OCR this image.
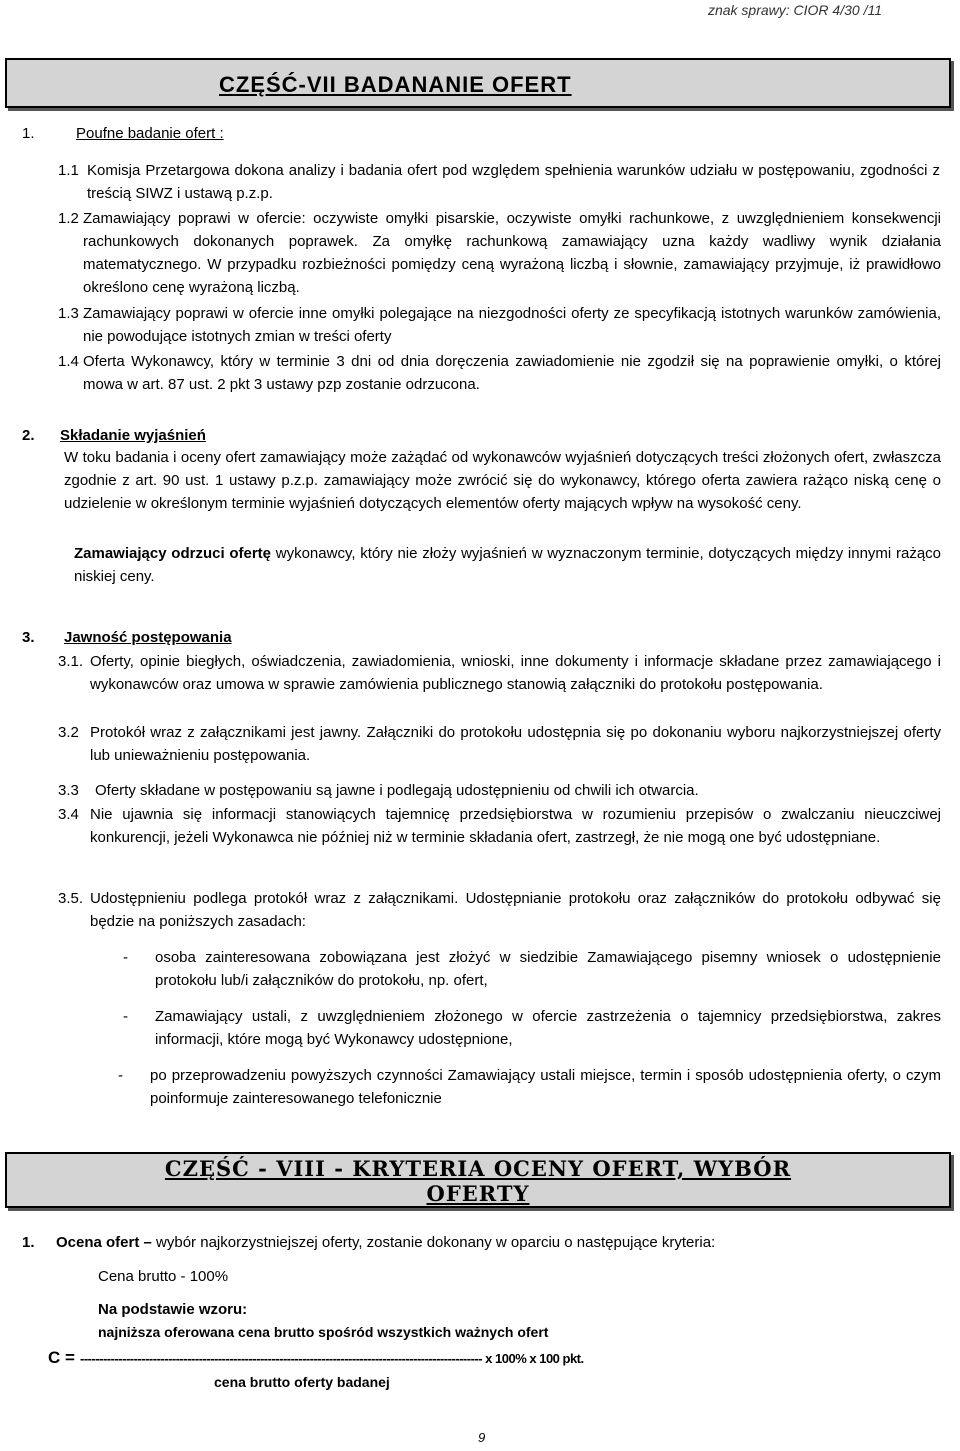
znak sprawy: CIOR 4/30 /11
CZĘŚĆ-VII BADANANIE OFERT
1.	Poufne badanie ofert :
1.1 Komisja Przetargowa dokona analizy i badania ofert pod względem spełnienia warunków udziału w postępowaniu, zgodności z treścią SIWZ i ustawą p.z.p.

1.2 Zamawiający poprawi w ofercie: oczywiste omyłki pisarskie, oczywiste omyłki rachunkowe, z uwzględnieniem konsekwencji rachunkowych dokonanych poprawek. Za omyłkę rachunkową zamawiający uzna każdy wadliwy wynik działania matematycznego. W przypadku rozbieżności pomiędzy ceną wyrażoną liczbą i słownie, zamawiający przyjmuje, iż prawidłowo określono cenę wyrażoną liczbą.

1.3 Zamawiający poprawi w ofercie inne omyłki polegające na niezgodności oferty ze specyfikacją istotnych warunków zamówienia, nie powodujące istotnych zmian w treści oferty

1.4 Oferta Wykonawcy, który w terminie 3 dni od dnia doręczenia zawiadomienie nie zgodził się na poprawienie omyłki, o której mowa w art. 87 ust. 2 pkt 3 ustawy pzp zostanie odrzucona.

2. Składanie wyjaśnień

W toku badania i oceny ofert zamawiający może zażądać od wykonawców wyjaśnień dotyczących treści złożonych ofert, zwłaszcza zgodnie z art. 90 ust. 1 ustawy p.z.p. zamawiający może zwrócić się do wykonawcy, którego oferta zawiera rażąco niską cenę o udzielenie w określonym terminie wyjaśnień dotyczących elementów oferty mających wpływ na wysokość ceny.

Zamawiający odrzuci ofertę wykonawcy, który nie złoży wyjaśnień w wyznaczonym terminie, dotyczących między innymi rażąco niskiej ceny.

3. Jawność postępowania
3.1. Oferty, opinie biegłych, oświadczenia, zawiadomienia, wnioski, inne dokumenty i informacje składane przez zamawiającego i wykonawców oraz umowa w sprawie zamówienia publicznego stanowią załączniki do protokołu postępowania.

3.2 Protokół wraz z załącznikami jest jawny. Załączniki do protokołu udostępnia się po dokonaniu wyboru najkorzystniejszej oferty lub unieważnieniu postępowania.

3.3 Oferty składane w postępowaniu są jawne i podlegają udostępnieniu od chwili ich otwarcia.

3.4 Nie ujawnia się informacji stanowiących tajemnicę przedsiębiorstwa w rozumieniu przepisów o zwalczaniu nieuczciwej konkurencji, jeżeli Wykonawca nie później niż w terminie składania ofert, zastrzegł, że nie mogą one być udostępniane.

3.5. Udostępnieniu podlega protokół wraz z załącznikami. Udostępnianie protokołu oraz załączników do protokołu odbywać się będzie na poniższych zasadach:

- osoba zainteresowana zobowiązana jest złożyć w siedzibie Zamawiającego pisemny wniosek o udostępnienie protokołu lub/i załączników do protokołu, np. ofert,

- Zamawiający ustali, z uwzględnieniem złożonego w ofercie zastrzeżenia o tajemnicy przedsiębiorstwa, zakres informacji, które mogą być Wykonawcy udostępnione,

- po przeprowadzeniu powyższych czynności Zamawiający ustali miejsce, termin i sposób udostępnienia oferty, o czym poinformuje zainteresowanego telefonicznie

CZĘŚĆ - VIII - KRYTERIA OCENY OFERT, WYBÓR
OFERTY
1. Ocena ofert – wybór najkorzystniejszej oferty, zostanie dokonany w oparciu o następujące kryteria:
Cena brutto - 100%
Na podstawie wzoru:
najniższa oferowana cena brutto spośród wszystkich ważnych ofert
C = --------------------------------------------------------------------------------------------------------- x 100% x 100 pkt.
cena brutto oferty badanej
9
